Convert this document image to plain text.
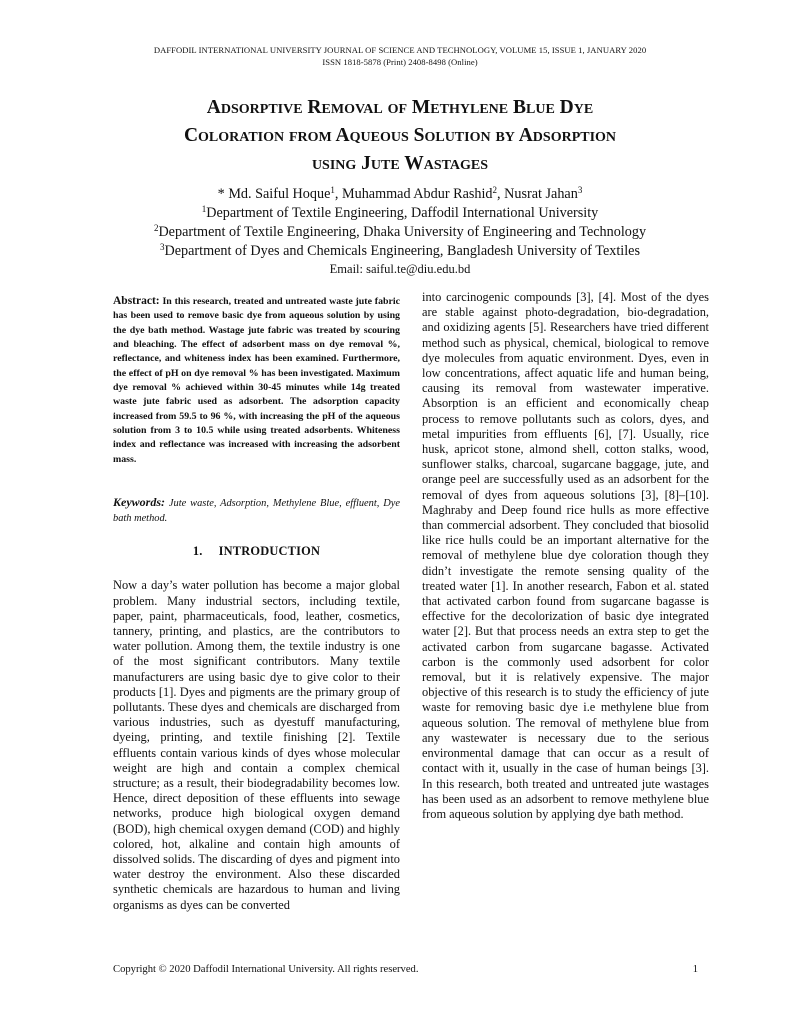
DAFFODIL INTERNATIONAL UNIVERSITY JOURNAL OF SCIENCE AND TECHNOLOGY, VOLUME 15, ISSUE 1, JANUARY 2020
ISSN 1818-5878 (Print) 2408-8498 (Online)
Adsorptive Removal of Methylene Blue Dye
Coloration from Aqueous Solution by Adsorption
using Jute Wastages
* Md. Saiful Hoque$^1$, Muhammad Abdur Rashid$^2$, Nusrat Jahan$^3$
$^1$Department of Textile Engineering, Daffodil International University
$^2$Department of Textile Engineering, Dhaka University of Engineering and Technology
$^3$Department of Dyes and Chemicals Engineering, Bangladesh University of Textiles
Email: saiful.te@diu.edu.bd
Abstract: In this research, treated and untreated waste jute fabric has been used to remove basic dye from aqueous solution by using the dye bath method. Wastage jute fabric was treated by scouring and bleaching. The effect of adsorbent mass on dye removal %, reflectance, and whiteness index has been examined. Furthermore, the effect of pH on dye removal % has been investigated. Maximum dye removal % achieved within 30-45 minutes while 14g treated waste jute fabric used as adsorbent. The adsorption capacity increased from 59.5 to 96 %, with increasing the pH of the aqueous solution from 3 to 10.5 while using treated adsorbents. Whiteness index and reflectance was increased with increasing the adsorbent mass.
Keywords: Jute waste, Adsorption, Methylene Blue, effluent, Dye bath method.
1. INTRODUCTION
Now a day’s water pollution has become a major global problem. Many industrial sectors, including textile, paper, paint, pharmaceuticals, food, leather, cosmetics, tannery, printing, and plastics, are the contributors to water pollution. Among them, the textile industry is one of the most significant contributors. Many textile manufacturers are using basic dye to give color to their products [1]. Dyes and pigments are the primary group of pollutants. These dyes and chemicals are discharged from various industries, such as dyestuff manufacturing, dyeing, printing, and textile finishing [2]. Textile effluents contain various kinds of dyes whose molecular weight are high and contain a complex chemical structure; as a result, their biodegradability becomes low. Hence, direct deposition of these effluents into sewage networks, produce high biological oxygen demand (BOD), high chemical oxygen demand (COD) and highly colored, hot, alkaline and contain high amounts of dissolved solids. The discarding of dyes and pigment into water destroy the environment. Also these discarded synthetic chemicals are hazardous to human and living organisms as dyes can be converted
into carcinogenic compounds [3], [4]. Most of the dyes are stable against photo-degradation, bio-degradation, and oxidizing agents [5]. Researchers have tried different method such as physical, chemical, biological to remove dye molecules from aquatic environment. Dyes, even in low concentrations, affect aquatic life and human being, causing its removal from wastewater imperative. Absorption is an efficient and economically cheap process to remove pollutants such as colors, dyes, and metal impurities from effluents [6], [7]. Usually, rice husk, apricot stone, almond shell, cotton stalks, wood, sunflower stalks, charcoal, sugarcane baggage, jute, and orange peel are successfully used as an adsorbent for the removal of dyes from aqueous solutions [3], [8]–[10]. Maghraby and Deep found rice hulls as more effective than commercial adsorbent. They concluded that biosolid like rice hulls could be an important alternative for the removal of methylene blue dye coloration though they didn’t investigate the remote sensing quality of the treated water [1]. In another research, Fabon et al. stated that activated carbon found from sugarcane bagasse is effective for the decolorization of basic dye integrated water [2]. But that process needs an extra step to get the activated carbon from sugarcane bagasse. Activated carbon is the commonly used adsorbent for color removal, but it is relatively expensive. The major objective of this research is to study the efficiency of jute waste for removing basic dye i.e methylene blue from aqueous solution. The removal of methylene blue from any wastewater is necessary due to the serious environmental damage that can occur as a result of contact with it, usually in the case of human beings [3]. In this research, both treated and untreated jute wastages has been used as an adsorbent to remove methylene blue from aqueous solution by applying dye bath method.
Copyright © 2020 Daffodil International University. All rights reserved.	1
